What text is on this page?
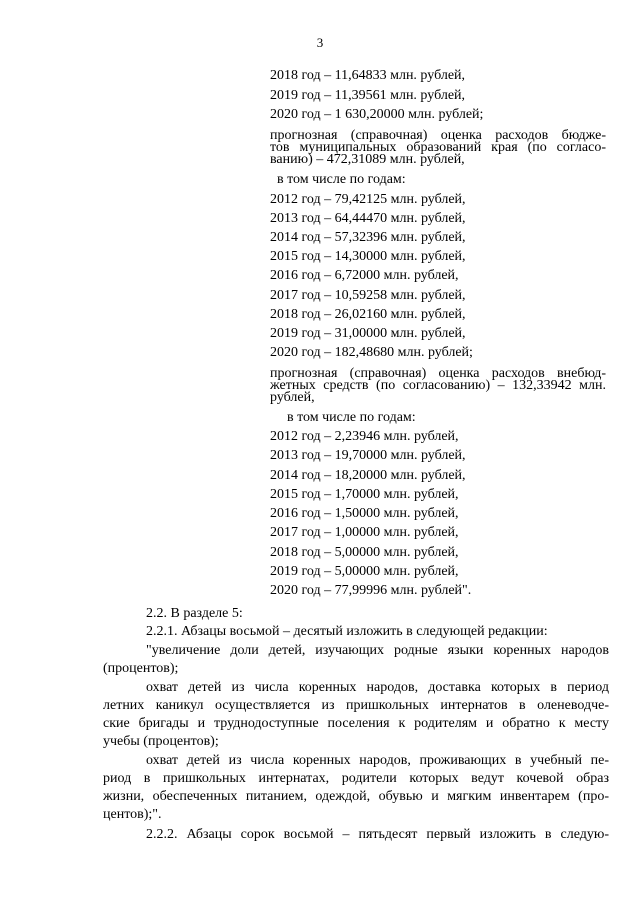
3
2018 год – 11,64833 млн. рублей,
2019 год – 11,39561 млн. рублей,
2020 год – 1 630,20000 млн. рублей;
прогнозная (справочная) оценка расходов бюдже-
тов муниципальных образований края (по согласо-
ванию) – 472,31089 млн. рублей,
в том числе по годам:
2012 год – 79,42125 млн. рублей,
2013 год – 64,44470 млн. рублей,
2014 год – 57,32396 млн. рублей,
2015 год – 14,30000 млн. рублей,
2016 год – 6,72000 млн. рублей,
2017 год – 10,59258 млн. рублей,
2018 год – 26,02160 млн. рублей,
2019 год – 31,00000 млн. рублей,
2020 год – 182,48680 млн. рублей;
прогнозная (справочная) оценка расходов внебюд-
жетных средств (по согласованию) – 132,33942 млн.
рублей,
в том числе по годам:
2012 год – 2,23946 млн. рублей,
2013 год – 19,70000 млн. рублей,
2014 год – 18,20000 млн. рублей,
2015 год – 1,70000 млн. рублей,
2016 год – 1,50000 млн. рублей,
2017 год – 1,00000 млн. рублей,
2018 год – 5,00000 млн. рублей,
2019 год – 5,00000 млн. рублей,
2020 год – 77,99996 млн. рублей".
2.2. В разделе 5:
2.2.1. Абзацы восьмой – десятый изложить в следующей редакции:
"увеличение доли детей, изучающих родные языки коренных народов
(процентов);
охват детей из числа коренных народов, доставка которых в период
летних каникул осуществляется из пришкольных интернатов в оленеводче-
ские бригады и труднодоступные поселения к родителям и обратно к месту
учебы (процентов);
охват детей из числа коренных народов, проживающих в учебный пе-
риод в пришкольных интернатах, родители которых ведут кочевой образ
жизни, обеспеченных питанием, одеждой, обувью и мягким инвентарем (про-
центов);".
2.2.2. Абзацы сорок восьмой – пятьдесят первый изложить в следую-
